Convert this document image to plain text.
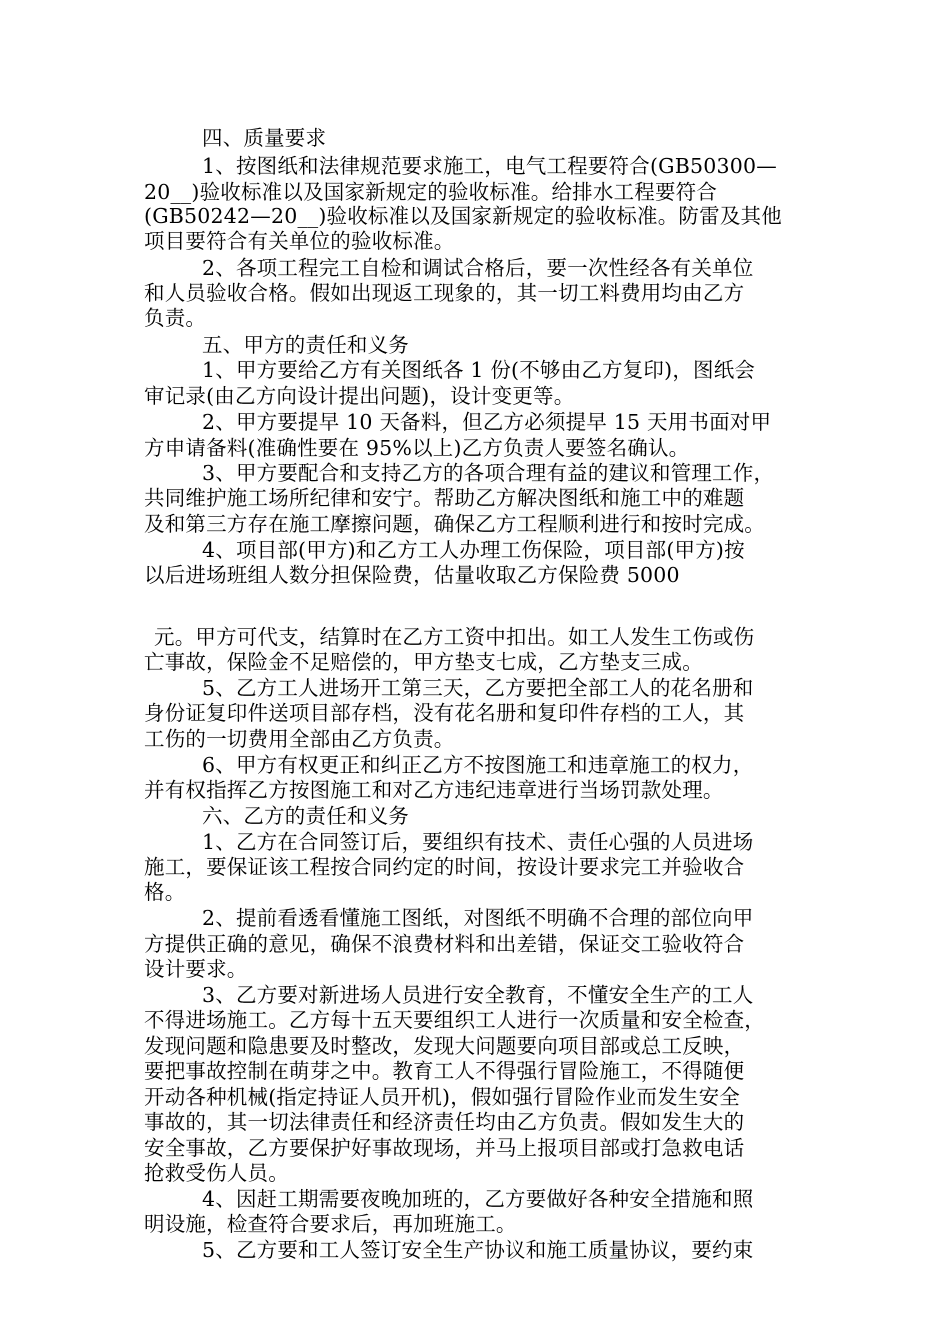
四、质量要求
1、按图纸和法律规范要求施工，电气工程要符合(GB50300—
20__)验收标准以及国家新规定的验收标准。给排水工程要符合
(GB50242—20__)验收标准以及国家新规定的验收标准。防雷及其他
项目要符合有关单位的验收标准。
2、各项工程完工自检和调试合格后，要一次性经各有关单位
和人员验收合格。假如出现返工现象的，其一切工料费用均由乙方
负责。
五、甲方的责任和义务
1、甲方要给乙方有关图纸各 1 份(不够由乙方复印)，图纸会
审记录(由乙方向设计提出问题)，设计变更等。
2、甲方要提早 10 天备料，但乙方必须提早 15 天用书面对甲
方申请备料(准确性要在 95%以上)乙方负责人要签名确认。
3、甲方要配合和支持乙方的各项合理有益的建议和管理工作，
共同维护施工场所纪律和安宁。帮助乙方解决图纸和施工中的难题
及和第三方存在施工摩擦问题，确保乙方工程顺利进行和按时完成。
4、项目部(甲方)和乙方工人办理工伤保险，项目部(甲方)按
以后进场班组人数分担保险费，估量收取乙方保险费 5000
元。甲方可代支，结算时在乙方工资中扣出。如工人发生工伤或伤
亡事故，保险金不足赔偿的，甲方垫支七成，乙方垫支三成。
5、乙方工人进场开工第三天，乙方要把全部工人的花名册和
身份证复印件送项目部存档，没有花名册和复印件存档的工人，其
工伤的一切费用全部由乙方负责。
6、甲方有权更正和纠正乙方不按图施工和违章施工的权力，
并有权指挥乙方按图施工和对乙方违纪违章进行当场罚款处理。
六、乙方的责任和义务
1、乙方在合同签订后，要组织有技术、责任心强的人员进场
施工，要保证该工程按合同约定的时间，按设计要求完工并验收合
格。
2、提前看透看懂施工图纸，对图纸不明确不合理的部位向甲
方提供正确的意见，确保不浪费材料和出差错，保证交工验收符合
设计要求。
3、乙方要对新进场人员进行安全教育，不懂安全生产的工人
不得进场施工。乙方每十五天要组织工人进行一次质量和安全检查，
发现问题和隐患要及时整改，发现大问题要向项目部或总工反映，
要把事故控制在萌芽之中。教育工人不得强行冒险施工，不得随便
开动各种机械(指定持证人员开机)，假如强行冒险作业而发生安全
事故的，其一切法律责任和经济责任均由乙方负责。假如发生大的
安全事故，乙方要保护好事故现场，并马上报项目部或打急救电话
抢救受伤人员。
4、因赶工期需要夜晚加班的，乙方要做好各种安全措施和照
明设施，检查符合要求后，再加班施工。
5、乙方要和工人签订安全生产协议和施工质量协议，要约束
